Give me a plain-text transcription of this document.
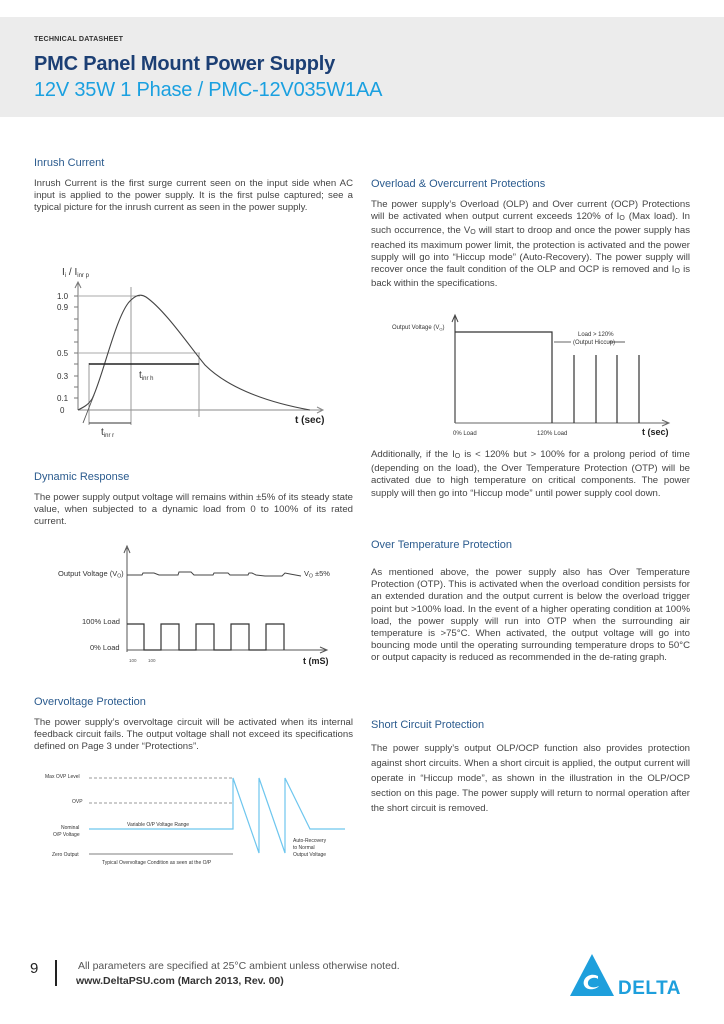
TECHNICAL DATASHEET
PMC Panel Mount Power Supply
12V 35W 1 Phase / PMC-12V035W1AA
Inrush Current
Inrush Current is the first surge current seen on the input side when AC input is applied to the power supply. It is the first pulse captured; see a typical picture for the inrush current as seen in the power supply.
$I_i / I_{inr p}$
1.0
0.9
0.5
0.3
0.1
0
$t_{inr h}$
$t_{inr r}$
t (sec)
Dynamic Response
The power supply output voltage will remains within ±5% of its steady state value, when subjected to a dynamic load from 0 to 100% of its rated current.
Output Voltage $(V_O)$	$V_O \pm 5\%$
100% Load
0% Load
100	100	t (mS)
Overvoltage Protection
The power supply’s overvoltage circuit will be activated when its internal feedback circuit fails. The output voltage shall not exceed its specifications defined on Page 3 under “Protections”.
Max OVP Level
OVP
Nominal
O/P Voltage
Zero Output
Variable O/P Voltage Range
Typical Overvoltage Condition as seen at the O/P
Auto-Recovery
to Normal
Output Voltage
Overload & Overcurrent Protections
The power supply’s Overload (OLP) and Over current (OCP) Protections will be activated when output current exceeds 120% of IO (Max load). In such occurrence, the VO will start to droop and once the power supply has reached its maximum power limit, the protection is activated and the power supply will go into “Hiccup mode” (Auto-Recovery). The power supply will recover once the fault condition of the OLP and OCP is removed and IO is back within the specifications.
Output Voltage $(V_O)$
Load > 120%
(Output Hiccup)
0% Load	120% Load	t (sec)
Additionally, if the IO is < 120% but > 100% for a prolong period of time (depending on the load), the Over Temperature Protection (OTP) will be activated due to high temperature on critical components. The power supply will then go into “Hiccup mode” until power supply cool down.
Over Temperature Protection
As mentioned above, the power supply also has Over Temperature Protection (OTP). This is activated when the overload condition persists for an extended duration and the output current is below the overload trigger point but >100% load. In the event of a higher operating condition at 100% load, the power supply will run into OTP when the surrounding air temperature is >75°C. When activated, the output voltage will go into bouncing mode until the operating surrounding temperature drops to 50°C or output capacity is reduced as recommended in the de-rating graph.
Short Circuit Protection
The power supply’s output OLP/OCP function also provides protection against short circuits. When a short circuit is applied, the output current will operate in “Hiccup mode”, as shown in the illustration in the OLP/OCP section on this page. The power supply will return to normal operation after the short circuit is removed.
9	All parameters are specified at 25°C ambient unless otherwise noted.
www.DeltaPSU.com (March 2013, Rev. 00)	DELTA
